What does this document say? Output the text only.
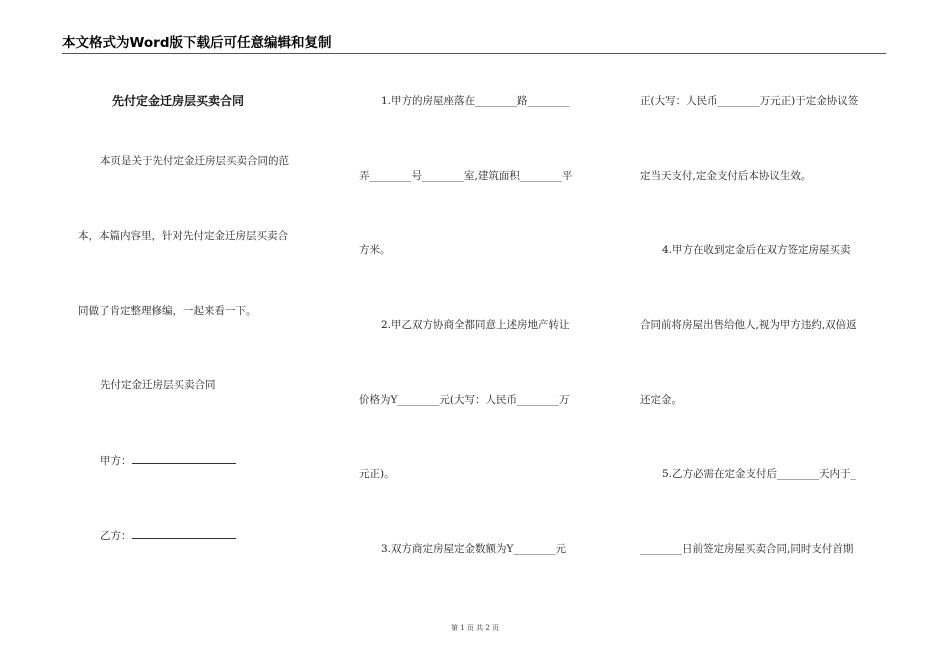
本文格式为Word版下载后可任意编辑和复制
先付定金迁房层买卖合同
本页是关于先付定金迁房层买卖合同的范
本，本篇内容里，针对先付定金迁房层买卖合
同做了肯定整理修编，一起来看一下。
先付定金迁房层买卖合同
甲方：
乙方：
1.甲方的房屋座落在________路________
弄________号________室,建筑面积________平
方米。
2.甲乙双方协商全都同意上述房地产转让
价格为Y________元(大写：人民币________万
元正)。
3.双方商定房屋定金数额为Y________元
正(大写：人民币________万元正)于定金协议签
定当天支付,定金支付后本协议生效。
4.甲方在收到定金后在双方签定房屋买卖
合同前将房屋出售给他人,视为甲方违约,双倍返
还定金。
5.乙方必需在定金支付后________天内于_
________日前签定房屋买卖合同,同时支付首期
第 1 页 共 2 页
